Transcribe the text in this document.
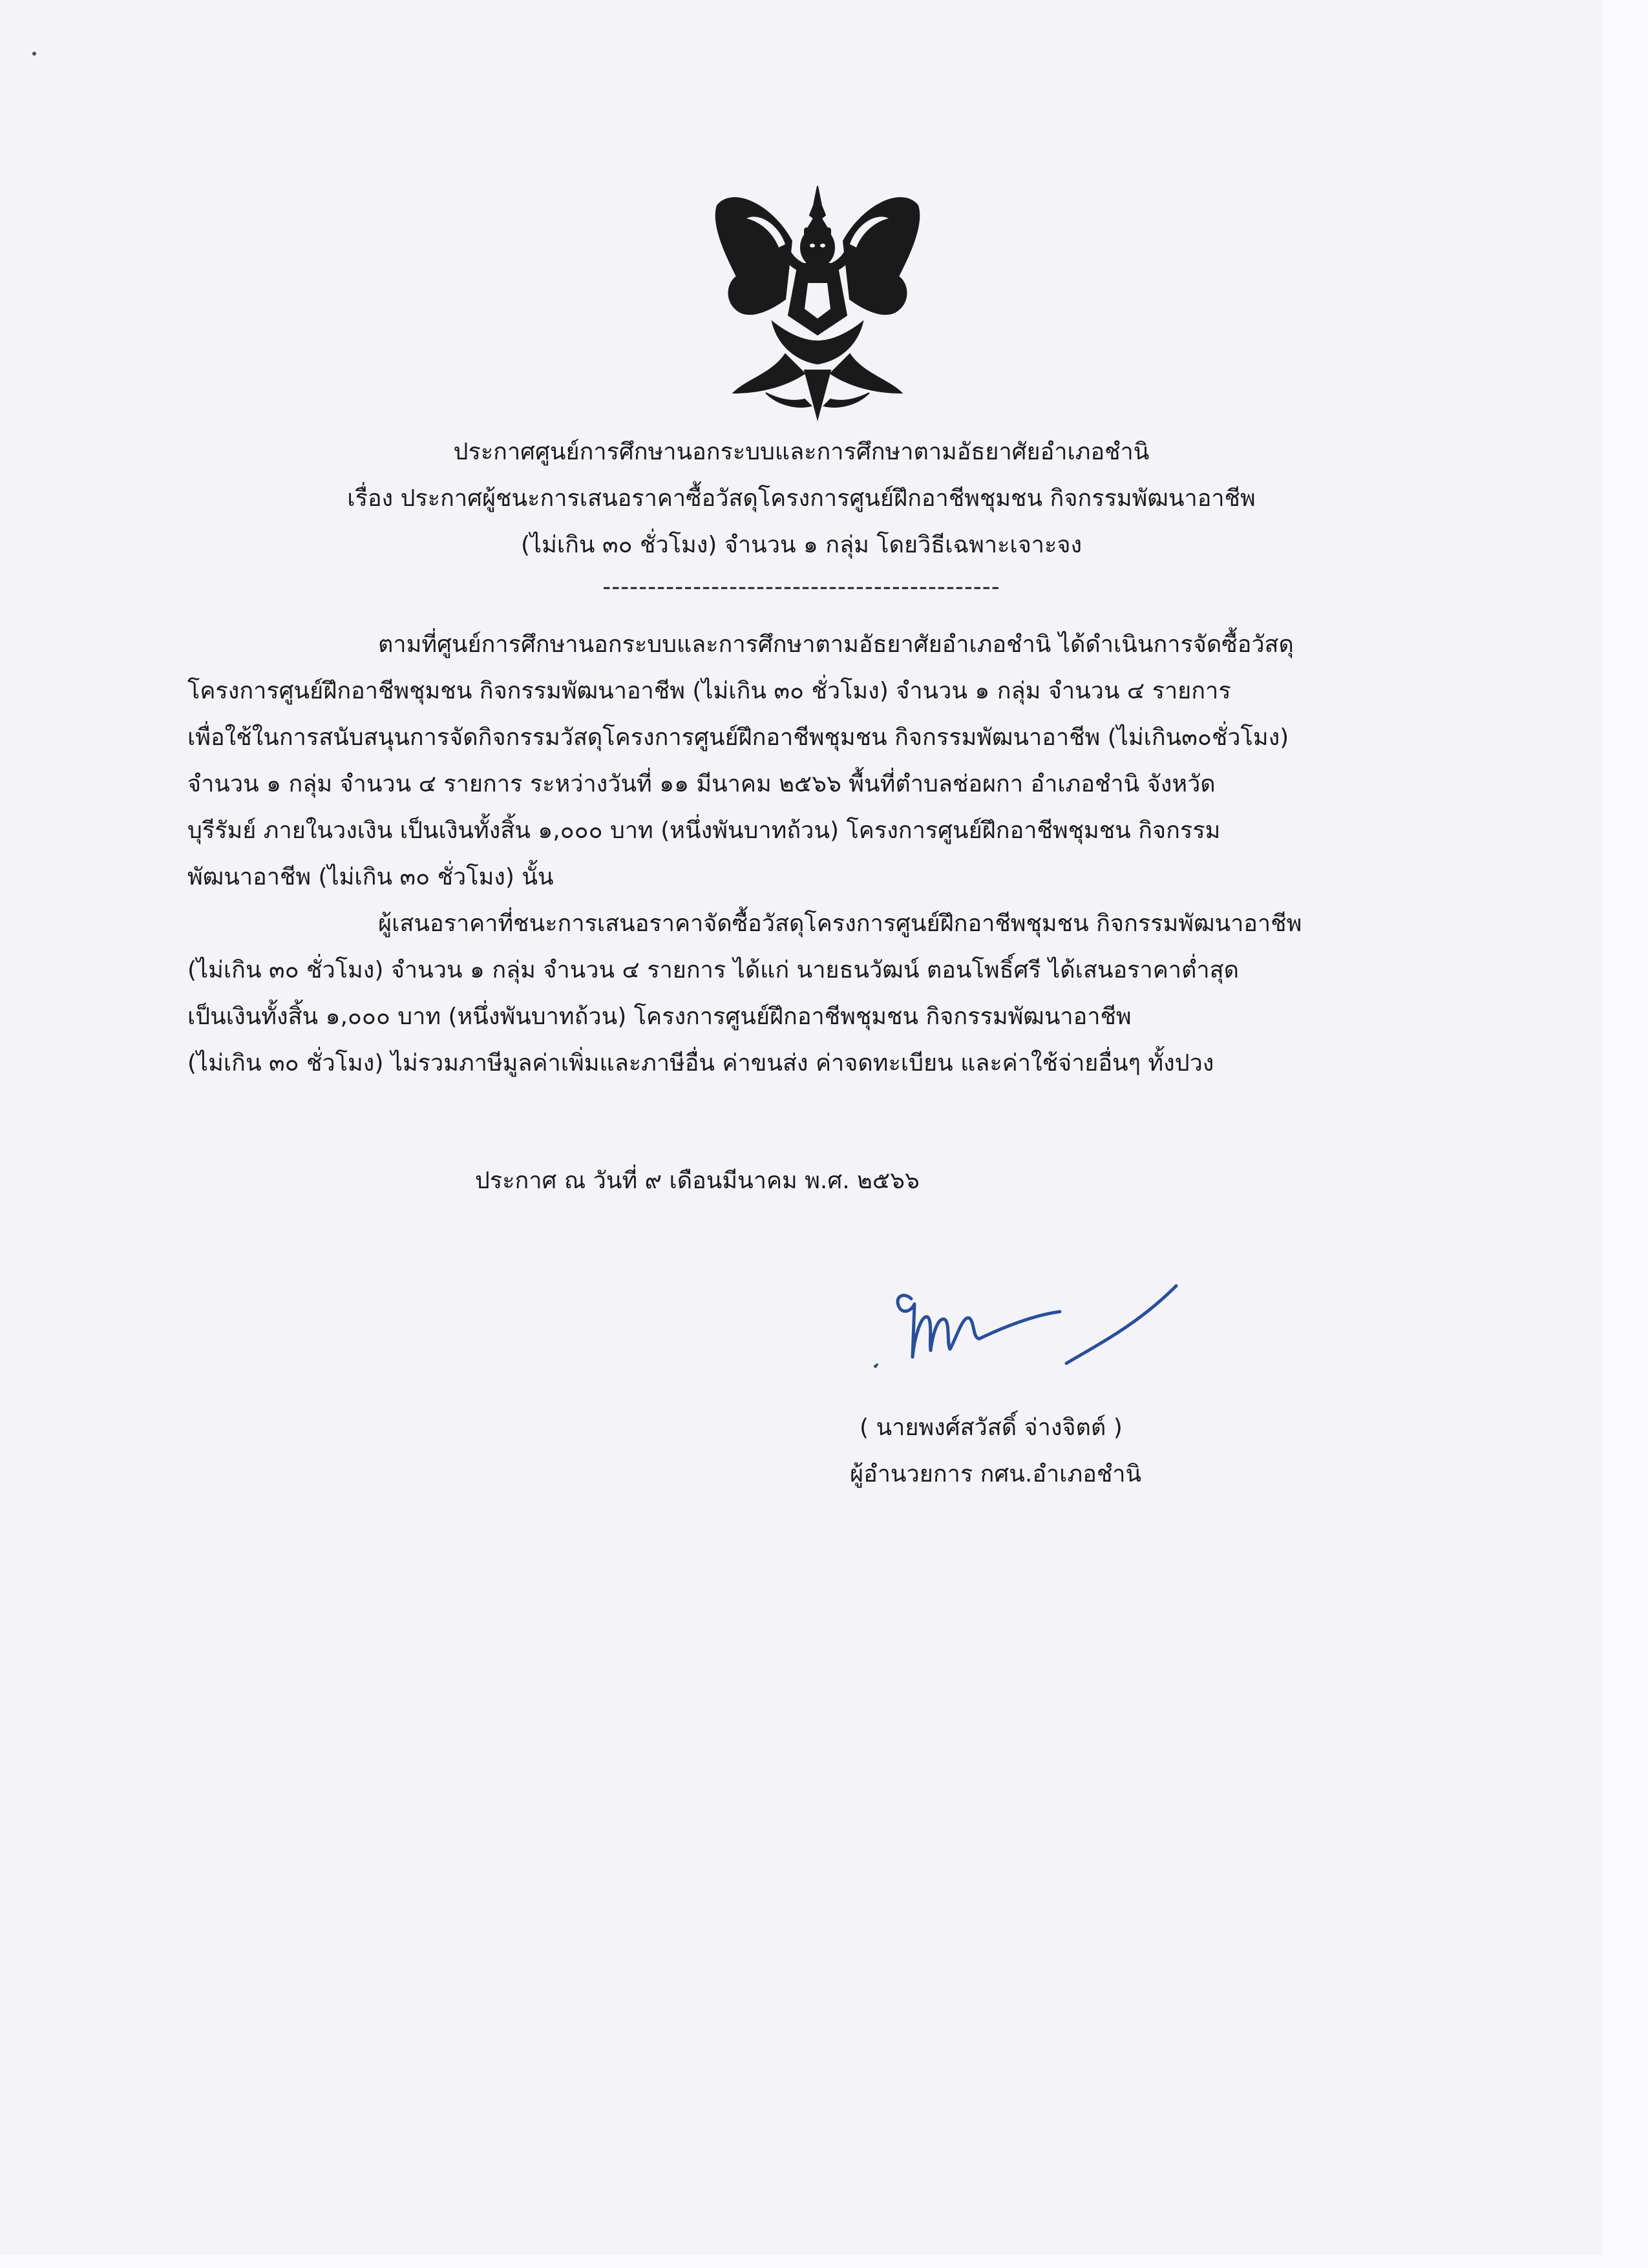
ประกาศศูนย์การศึกษานอกระบบและการศึกษาตามอัธยาศัยอำเภอชำนิ
เรื่อง ประกาศผู้ชนะการเสนอราคาซื้อวัสดุโครงการศูนย์ฝึกอาชีพชุมชน กิจกรรมพัฒนาอาชีพ
(ไม่เกิน ๓๐ ชั่วโมง) จำนวน ๑ กลุ่ม โดยวิธีเฉพาะเจาะจง
--------------------------------------------
ตามที่ศูนย์การศึกษานอกระบบและการศึกษาตามอัธยาศัยอำเภอชำนิ ได้ดำเนินการจัดซื้อวัสดุ
โครงการศูนย์ฝึกอาชีพชุมชน กิจกรรมพัฒนาอาชีพ (ไม่เกิน ๓๐ ชั่วโมง) จำนวน ๑ กลุ่ม จำนวน ๔ รายการ
เพื่อใช้ในการสนับสนุนการจัดกิจกรรมวัสดุโครงการศูนย์ฝึกอาชีพชุมชน กิจกรรมพัฒนาอาชีพ (ไม่เกิน๓๐ชั่วโมง)
จำนวน ๑ กลุ่ม จำนวน ๔ รายการ ระหว่างวันที่ ๑๑ มีนาคม ๒๕๖๖ พื้นที่ตำบลช่อผกา อำเภอชำนิ จังหวัด
บุรีรัมย์ ภายในวงเงิน เป็นเงินทั้งสิ้น ๑,๐๐๐ บาท (หนึ่งพันบาทถ้วน) โครงการศูนย์ฝึกอาชีพชุมชน กิจกรรม
พัฒนาอาชีพ (ไม่เกิน ๓๐ ชั่วโมง) นั้น
ผู้เสนอราคาที่ชนะการเสนอราคาจัดซื้อวัสดุโครงการศูนย์ฝึกอาชีพชุมชน กิจกรรมพัฒนาอาชีพ
(ไม่เกิน ๓๐ ชั่วโมง) จำนวน ๑ กลุ่ม จำนวน ๔ รายการ ได้แก่ นายธนวัฒน์ ตอนโพธิ์ศรี ได้เสนอราคาต่ำสุด
เป็นเงินทั้งสิ้น ๑,๐๐๐ บาท (หนึ่งพันบาทถ้วน) โครงการศูนย์ฝึกอาชีพชุมชน กิจกรรมพัฒนาอาชีพ
(ไม่เกิน ๓๐ ชั่วโมง) ไม่รวมภาษีมูลค่าเพิ่มและภาษีอื่น ค่าขนส่ง ค่าจดทะเบียน และค่าใช้จ่ายอื่นๆ ทั้งปวง
ประกาศ ณ วันที่ ๙ เดือนมีนาคม พ.ศ. ๒๕๖๖
( นายพงศ์สวัสดิ์ จ่างจิตต์ )
ผู้อำนวยการ กศน.อำเภอชำนิ
